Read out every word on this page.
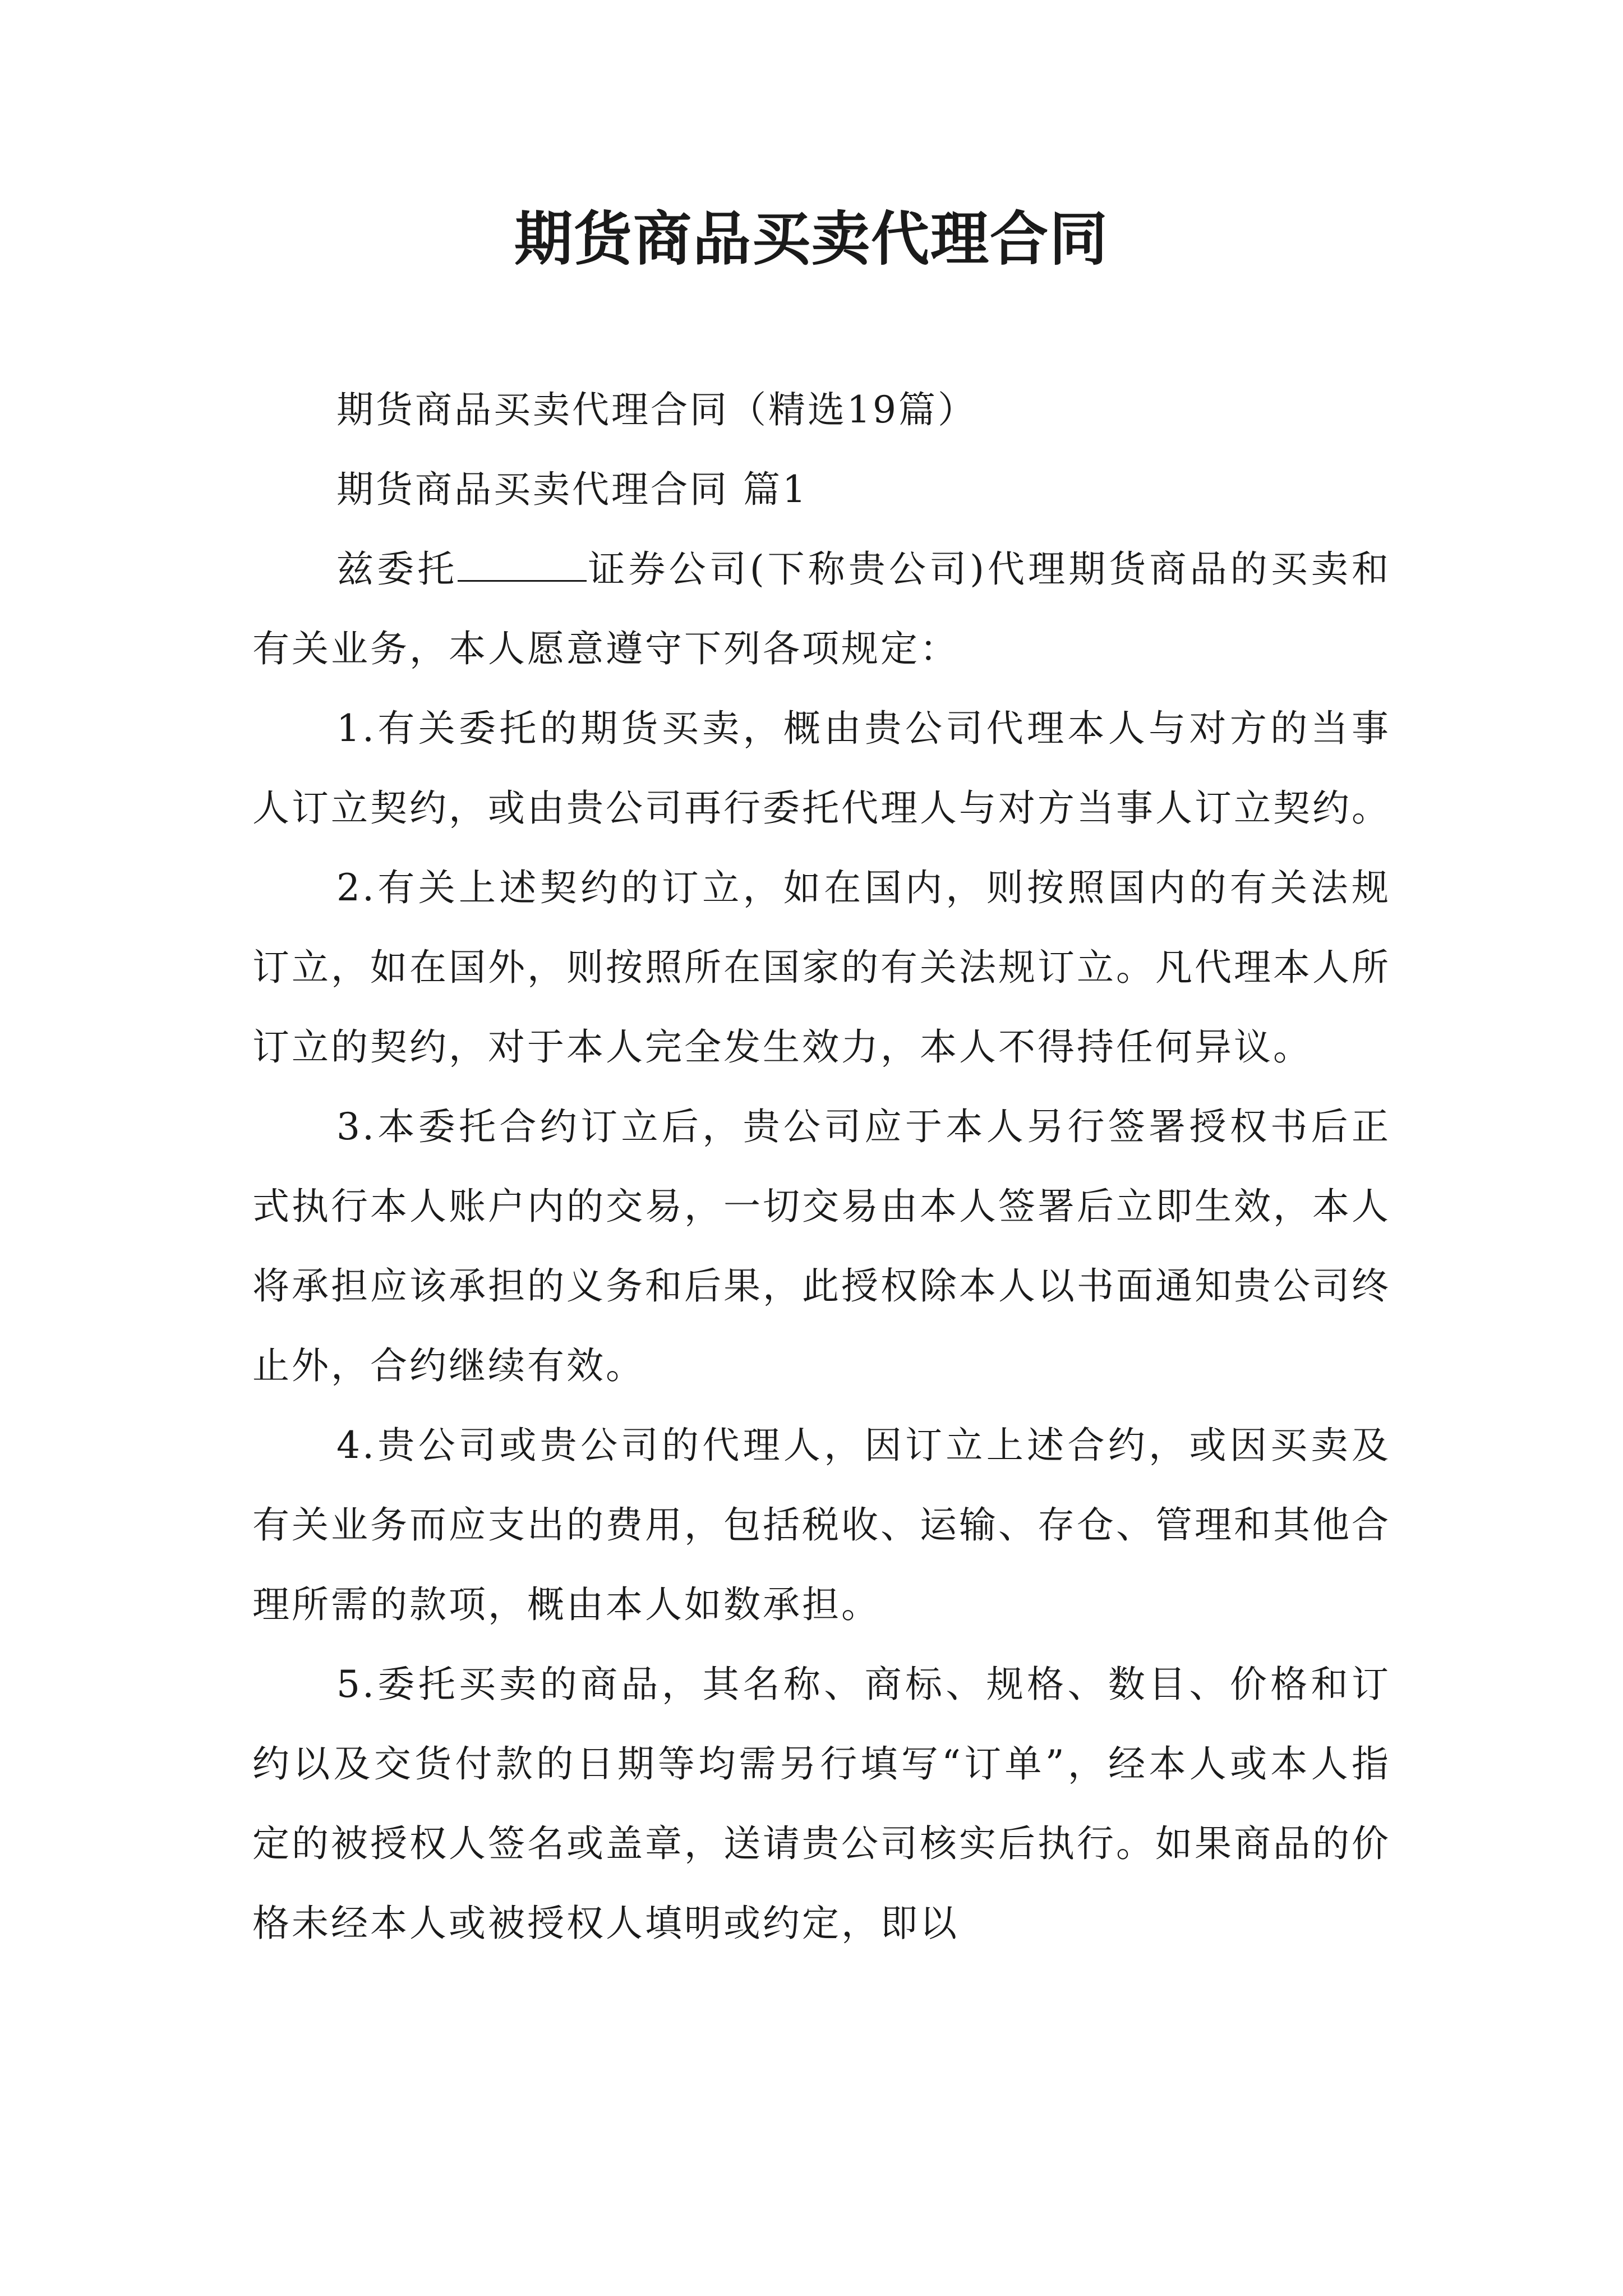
期货商品买卖代理合同

期货商品买卖代理合同（精选19篇）

期货商品买卖代理合同 篇1

兹委托	证券公司(下称贵公司)代理期货商品的买卖和有关业务，本人愿意遵守下列各项规定：

1.有关委托的期货买卖，概由贵公司代理本人与对方的当事人订立契约，或由贵公司再行委托代理人与对方当事人订立契约。

2.有关上述契约的订立，如在国内，则按照国内的有关法规订立，如在国外，则按照所在国家的有关法规订立。凡代理本人所订立的契约，对于本人完全发生效力，本人不得持任何异议。

3.本委托合约订立后，贵公司应于本人另行签署授权书后正式执行本人账户内的交易，一切交易由本人签署后立即生效，本人将承担应该承担的义务和后果，此授权除本人以书面通知贵公司终止外，合约继续有效。

4.贵公司或贵公司的代理人，因订立上述合约，或因买卖及有关业务而应支出的费用，包括税收、运输、存仓、管理和其他合理所需的款项，概由本人如数承担。

5.委托买卖的商品，其名称、商标、规格、数目、价格和订约以及交货付款的日期等均需另行填写“订单”，经本人或本人指定的被授权人签名或盖章，送请贵公司核实后执行。如果商品的价格未经本人或被授权人填明或约定，即以
